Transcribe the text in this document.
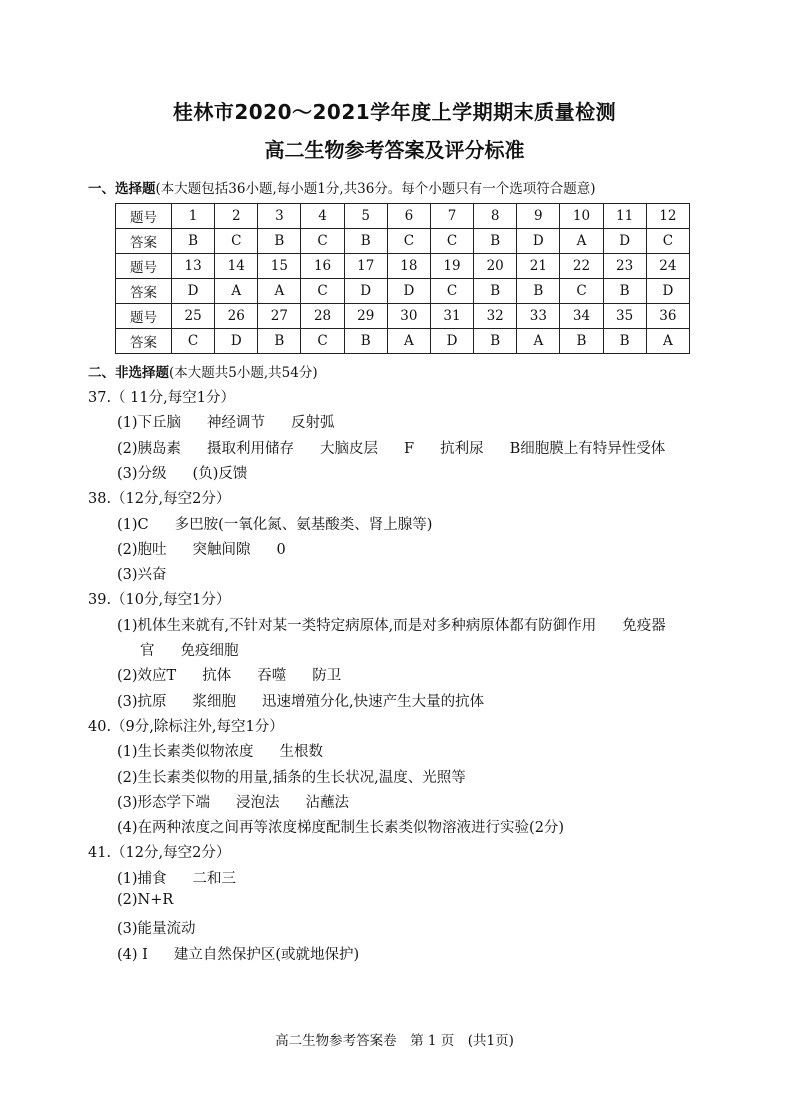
桂林市2020～2021学年度上学期期末质量检测
高二生物参考答案及评分标准
一、选择题(本大题包括36小题,每小题1分,共36分。每个小题只有一个选项符合题意)
题号	1	2	3	4	5	6	7	8	9	10	11	12
答案	B	C	B	C	B	C	C	B	D	A	D	C
题号	13	14	15	16	17	18	19	20	21	22	23	24
答案	D	A	A	C	D	D	C	B	B	C	B	D
题号	25	26	27	28	29	30	31	32	33	34	35	36
答案	C	D	B	C	B	A	D	B	A	B	B	A
二、非选择题(本大题共5小题,共54分)
37.（ 11分,每空1分）
(1)下丘脑 神经调节 反射弧
(2)胰岛素 摄取利用储存 大脑皮层 F 抗利尿 B细胞膜上有特异性受体
(3)分级 (负)反馈
38.（12分,每空2分）
(1)C 多巴胺(一氧化氮、氨基酸类、肾上腺等)
(2)胞吐 突触间隙 0
(3)兴奋
39.（10分,每空1分）
(1)机体生来就有,不针对某一类特定病原体,而是对多种病原体都有防御作用 免疫器
官 免疫细胞
(2)效应T 抗体 吞噬 防卫
(3)抗原 浆细胞 迅速增殖分化,快速产生大量的抗体
40.（9分,除标注外,每空1分）
(1)生长素类似物浓度 生根数
(2)生长素类似物的用量,插条的生长状况,温度、光照等
(3)形态学下端 浸泡法 沾蘸法
(4)在两种浓度之间再等浓度梯度配制生长素类似物溶液进行实验(2分)
41.（12分,每空2分）
(1)捕食 二和三
(2)N+R
(3)能量流动
(4) Ⅰ 建立自然保护区(或就地保护)
高二生物参考答案卷　第 1 页　(共1页)
